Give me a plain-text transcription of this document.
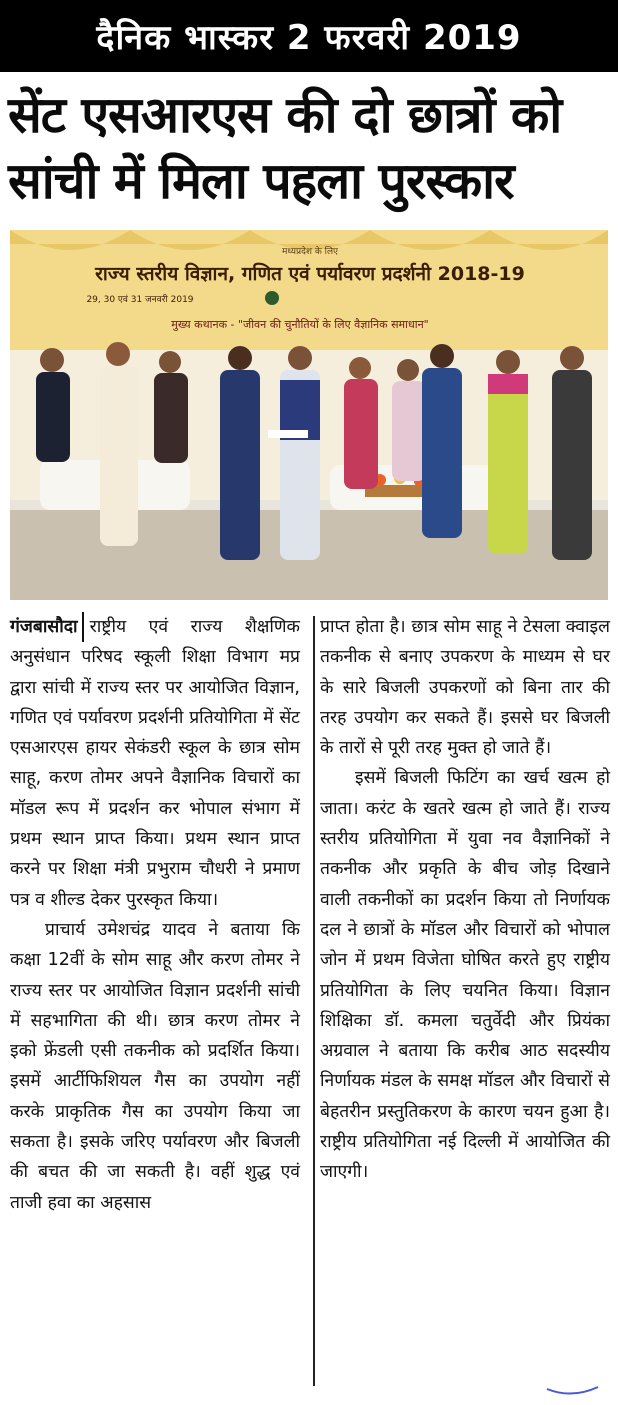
दैनिक भास्कर 2 फरवरी 2019
सेंट एसआरएस की दो छात्रों को
सांची में मिला पहला पुरस्कार
मध्यप्रदेश के लिए
राज्य स्तरीय विज्ञान, गणित एवं पर्यावरण प्रदर्शनी 2018-19
29, 30 एवं 31 जनवरी 2019
मुख्य कथानक - "जीवन की चुनौतियों के लिए वैज्ञानिक समाधान"

गंजबासौदा राष्ट्रीय एवं राज्य शैक्षणिक अनुसंधान परिषद स्कूली शिक्षा विभाग मप्र द्वारा सांची में राज्य स्तर पर आयोजित विज्ञान, गणित एवं पर्यावरण प्रदर्शनी प्रतियोगिता में सेंट एसआरएस हायर सेकंडरी स्कूल के छात्र सोम साहू, करण तोमर अपने वैज्ञानिक विचारों का मॉडल रूप में प्रदर्शन कर भोपाल संभाग में प्रथम स्थान प्राप्त किया। प्रथम स्थान प्राप्त करने पर शिक्षा मंत्री प्रभुराम चौधरी ने प्रमाण पत्र व शील्ड देकर पुरस्कृत किया।

प्राचार्य उमेशचंद्र यादव ने बताया कि कक्षा 12वीं के सोम साहू और करण तोमर ने राज्य स्तर पर आयोजित विज्ञान प्रदर्शनी सांची में सहभागिता की थी। छात्र करण तोमर ने इको फ्रेंडली एसी तकनीक को प्रदर्शित किया। इसमें आर्टीफिशियल गैस का उपयोग नहीं करके प्राकृतिक गैस का उपयोग किया जा सकता है। इसके जरिए पर्यावरण और बिजली की बचत की जा सकती है। वहीं शुद्ध एवं ताजी हवा का अहसास

प्राप्त होता है। छात्र सोम साहू ने टेसला क्वाइल तकनीक से बनाए उपकरण के माध्यम से घर के सारे बिजली उपकरणों को बिना तार की तरह उपयोग कर सकते हैं। इससे घर बिजली के तारों से पूरी तरह मुक्त हो जाते हैं।

इसमें बिजली फिटिंग का खर्च खत्म हो जाता। करंट के खतरे खत्म हो जाते हैं। राज्य स्तरीय प्रतियोगिता में युवा नव वैज्ञानिकों ने तकनीक और प्रकृति के बीच जोड़ दिखाने वाली तकनीकों का प्रदर्शन किया तो निर्णायक दल ने छात्रों के मॉडल और विचारों को भोपाल जोन में प्रथम विजेता घोषित करते हुए राष्ट्रीय प्रतियोगिता के लिए चयनित किया। विज्ञान शिक्षिका डॉ. कमला चतुर्वेदी और प्रियंका अग्रवाल ने बताया कि करीब आठ सदस्यीय निर्णायक मंडल के समक्ष मॉडल और विचारों से बेहतरीन प्रस्तुतिकरण के कारण चयन हुआ है। राष्ट्रीय प्रतियोगिता नई दिल्ली में आयोजित की जाएगी।
